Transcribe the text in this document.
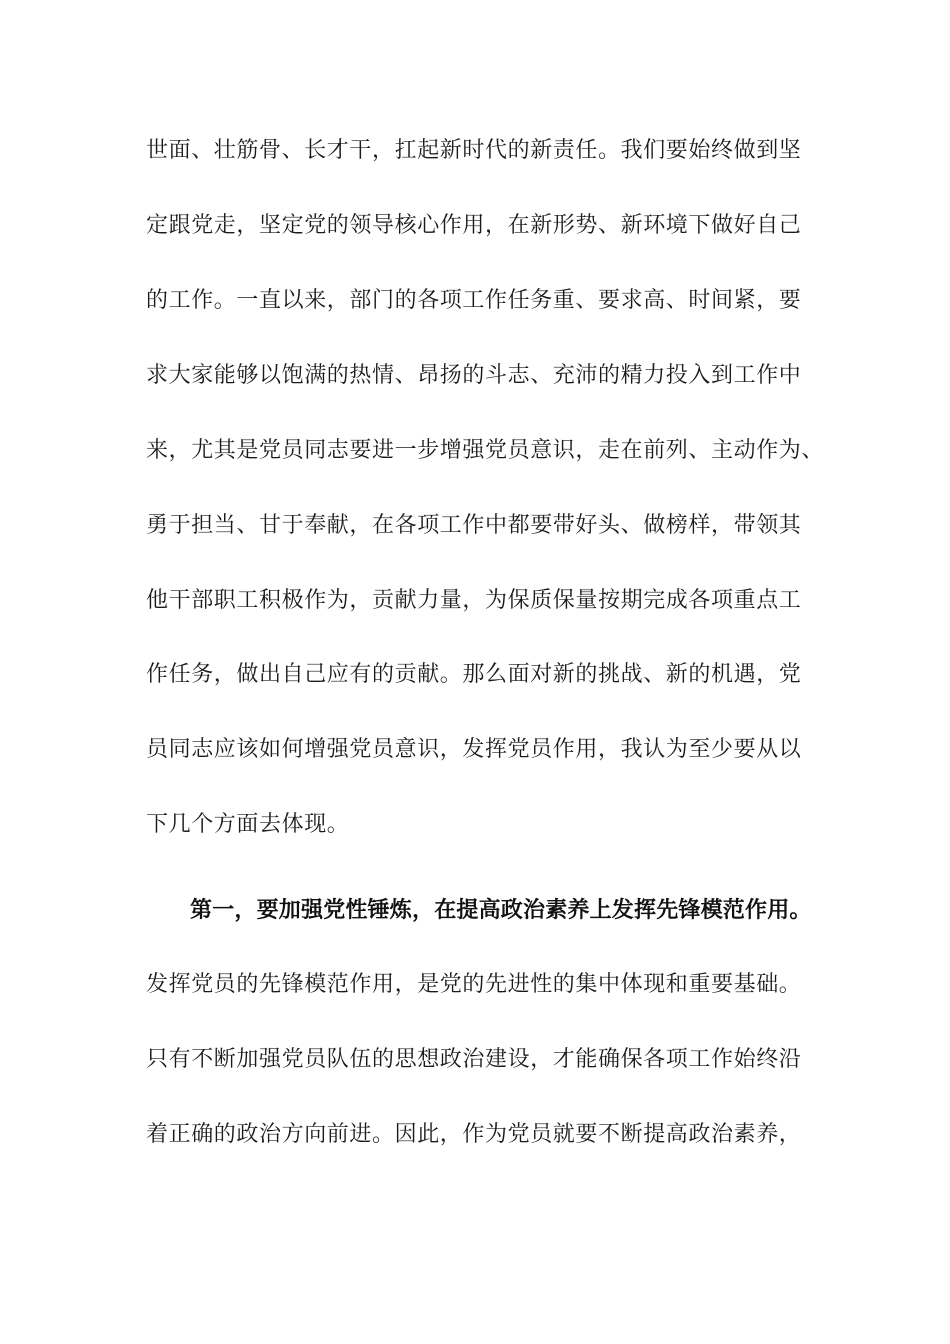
世面、壮筋骨、长才干，扛起新时代的新责任。我们要始终做到坚
定跟党走，坚定党的领导核心作用，在新形势、新环境下做好自己
的工作。一直以来，部门的各项工作任务重、要求高、时间紧，要
求大家能够以饱满的热情、昂扬的斗志、充沛的精力投入到工作中
来，尤其是党员同志要进一步增强党员意识，走在前列、主动作为、
勇于担当、甘于奉献，在各项工作中都要带好头、做榜样，带领其
他干部职工积极作为，贡献力量，为保质保量按期完成各项重点工
作任务，做出自己应有的贡献。那么面对新的挑战、新的机遇，党
员同志应该如何增强党员意识，发挥党员作用，我认为至少要从以
下几个方面去体现。
第一，要加强党性锤炼，在提高政治素养上发挥先锋模范作用。
发挥党员的先锋模范作用，是党的先进性的集中体现和重要基础。
只有不断加强党员队伍的思想政治建设，才能确保各项工作始终沿
着正确的政治方向前进。因此，作为党员就要不断提高政治素养，
